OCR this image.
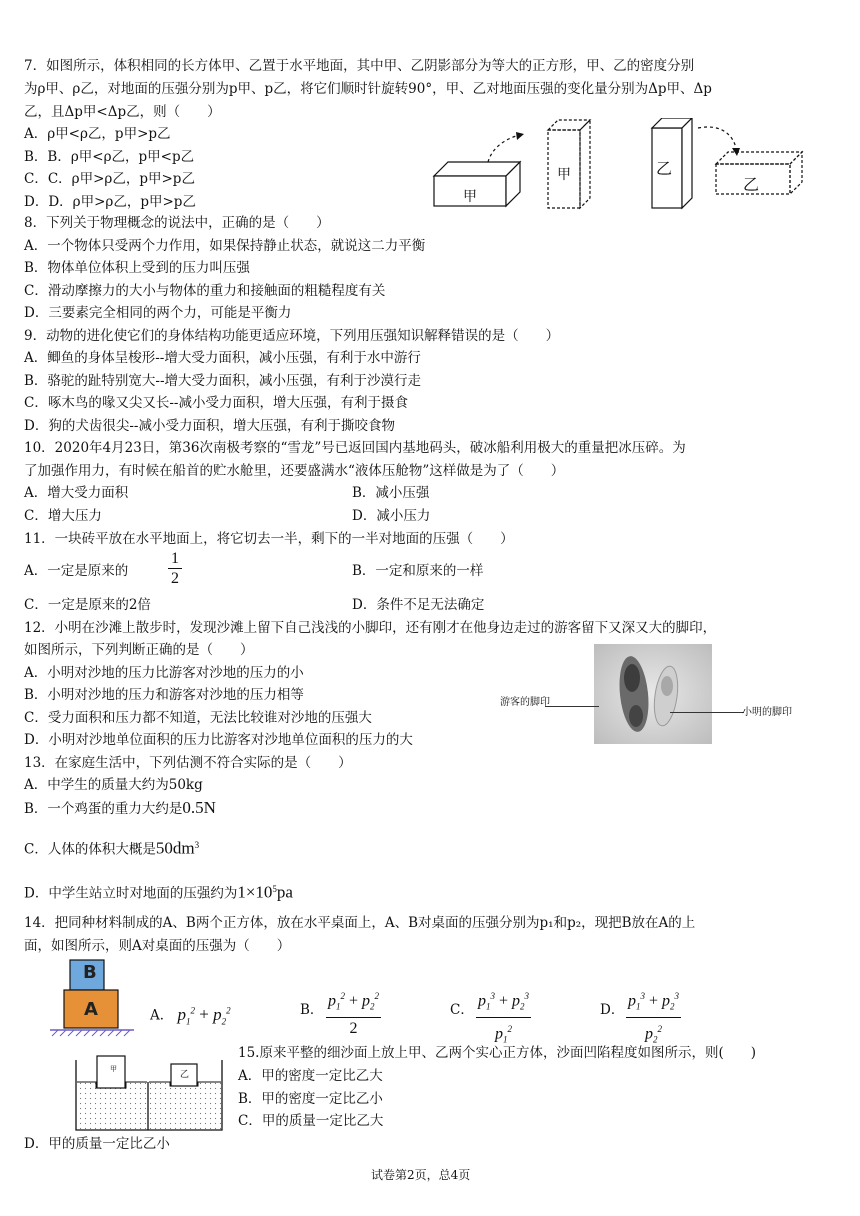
7．如图所示，体积相同的长方体甲、乙置于水平地面，其中甲、乙阴影部分为等大的正方形，甲、乙的密度分别
为ρ甲、ρ乙，对地面的压强分别为p甲、p乙，将它们顺时针旋转90°，甲、乙对地面压强的变化量分别为Δp甲、Δp
乙，且Δp甲<Δp乙，则（　　）
A．ρ甲<ρ乙，p甲>p乙
B．B．ρ甲<ρ乙，p甲<p乙
C．C．ρ甲>ρ乙，p甲>p乙
D．D．ρ甲>ρ乙，p甲>p乙	甲
甲	乙
乙
8．下列关于物理概念的说法中，正确的是（　　）
A．一个物体只受两个力作用，如果保持静止状态，就说这二力平衡
B．物体单位体积上受到的压力叫压强
C．滑动摩擦力的大小与物体的重力和接触面的粗糙程度有关
D．三要素完全相同的两个力，可能是平衡力
9．动物的进化使它们的身体结构功能更适应环境，下列用压强知识解释错误的是（　　）
A．鲫鱼的身体呈梭形--增大受力面积，减小压强，有利于水中游行
B．骆驼的趾特别宽大--增大受力面积，减小压强，有利于沙漠行走
C．啄木鸟的喙又尖又长--减小受力面积，增大压强，有利于摄食
D．狗的犬齿很尖--减小受力面积，增大压强，有利于撕咬食物
10．2020年4月23日，第36次南极考察的“雪龙”号已返回国内基地码头，破冰船利用极大的重量把冰压碎。为
了加强作用力，有时候在船首的贮水舱里，还要盛满水“液体压舱物”这样做是为了（　　）
A．增大受力面积	B．减小压强
C．增大压力	D．减小压力
11．一块砖平放在水平地面上，将它切去一半，剩下的一半对地面的压强（　　）
A．一定是原来的 $\frac{1}{2}$	B．一定和原来的一样
C．一定是原来的2倍	D．条件不足无法确定
12．小明在沙滩上散步时，发现沙滩上留下自己浅浅的小脚印，还有刚才在他身边走过的游客留下又深又大的脚印，
如图所示，下列判断正确的是（　　）
A．小明对沙地的压力比游客对沙地的压力的小
B．小明对沙地的压力和游客对沙地的压力相等
C．受力面积和压力都不知道，无法比较谁对沙地的压强大
D．小明对沙地单位面积的压力比游客对沙地单位面积的压力的大
游客的脚印
小明的脚印
13．在家庭生活中，下列估测不符合实际的是（　　）
A．中学生的质量大约为50kg
B．一个鸡蛋的重力大约是0.5N
C．人体的体积大概是$50dm^3$
D．中学生站立时对地面的压强约为$1\times 10^5pa$
14．把同种材料制成的A、B两个正方体，放在水平桌面上，A、B对桌面的压强分别为p₁和p₂，现把B放在A的上
面，如图所示，则A对桌面的压强为（　　）
B
A	A． $p_1^2 + p_2^2$	B． $\frac{p_1^2 + p_2^2}{2}$	C． $\frac{p_1^3 + p_2^3}{p_1^2}$	D． $\frac{p_1^3 + p_2^3}{p_2^2}$
15.原来平整的细沙面上放上甲、乙两个实心正方体，沙面凹陷程度如图所示，则(　　)
A．甲的密度一定比乙大
B．甲的密度一定比乙小
C．甲的质量一定比乙大
D．甲的质量一定比乙小
甲
乙
试卷第2页，总4页
